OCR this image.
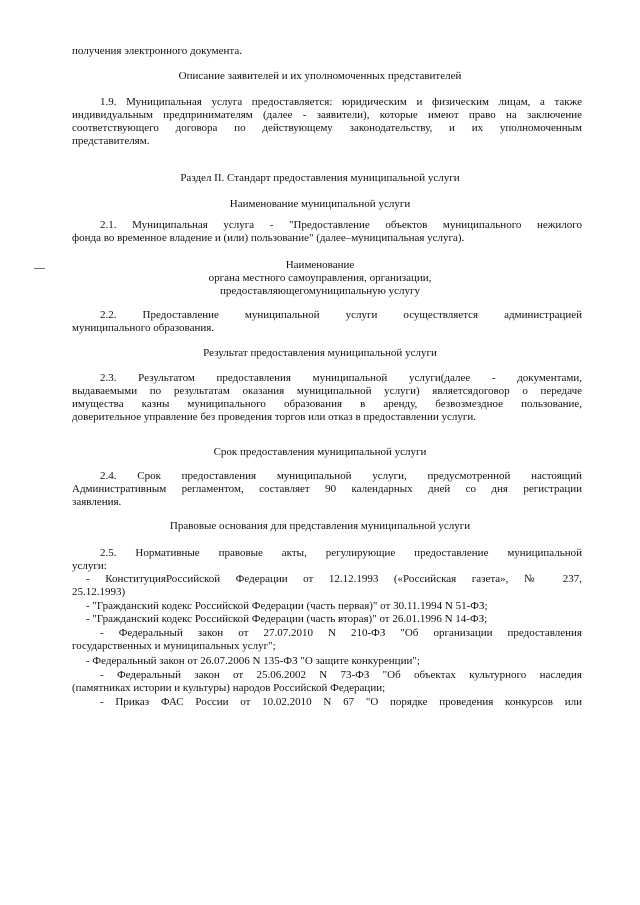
получения электронного документа.
Описание заявителей и их уполномоченных представителей
1.9. Муниципальная услуга предоставляется: юридическим и физическим лицам, а также
индивидуальным предпринимателям (далее - заявители), которые имеют право на заключение
соответствующего договора по действующему законодательству, и их уполномоченным
представителям.
Раздел II. Стандарт предоставления муниципальной услуги
Наименование муниципальной услуги
2.1. Муниципальная услуга - "Предоставление объектов муниципального нежилого
фонда во временное владение и (или) пользование" (далее–муниципальная услуга).
Наименование
органа местного самоуправления, организации,
предоставляющегомуниципальную услугу
2.2. Предоставление муниципальной услуги осуществляется администрацией
муниципального образования.
Результат предоставления муниципальной услуги
2.3. Результатом предоставления муниципальной услуги(далее - документами,
выдаваемыми по результатам оказания муниципальной услуги) являетсядоговор о передаче
имущества казны муниципального образования в аренду, безвозмездное пользование,
доверительное управление без проведения торгов или отказ в предоставлении услуги.
Срок предоставления муниципальной услуги
2.4. Срок предоставления муниципальной услуги, предусмотренной настоящий
Административным регламентом, составляет 90 календарных дней со дня регистрации
заявления.
Правовые основания для представления муниципальной услуги
2.5. Нормативные правовые акты, регулирующие предоставление муниципальной
услуги:
- КонституцияРоссийской Федерации от 12.12.1993 («Российская газета», № 237,
25.12.1993)
- "Гражданский кодекс Российской Федерации (часть первая)" от 30.11.1994 N 51-ФЗ;
- "Гражданский кодекс Российской Федерации (часть вторая)" от 26.01.1996 N 14-ФЗ;
- Федеральный закон от 27.07.2010 N 210-ФЗ "Об организации предоставления
государственных и муниципальных услуг";
- Федеральный закон от 26.07.2006 N 135-ФЗ "О защите конкуренции";
- Федеральный закон от 25.06.2002 N 73-ФЗ "Об объектах культурного наследия
(памятниках истории и культуры) народов Российской Федерации;
- Приказ ФАС России от 10.02.2010 N 67 "О порядке проведения конкурсов или
